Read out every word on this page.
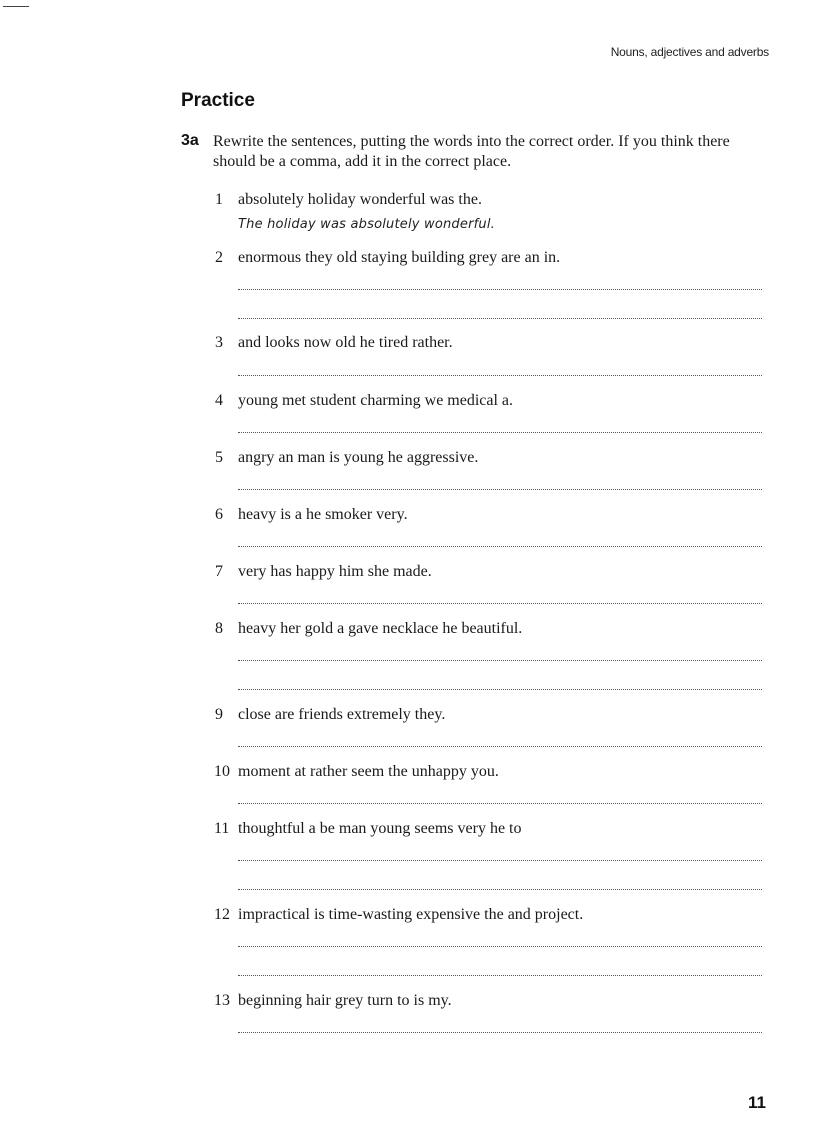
Nouns, adjectives and adverbs
Practice
3a Rewrite the sentences, putting the words into the correct order. If you think there should be a comma, add it in the correct place.

1 absolutely holiday wonderful was the.
The holiday was absolutely wonderful.
2 enormous they old staying building grey are an in.
3 and looks now old he tired rather.
4 young met student charming we medical a.
5 angry an man is young he aggressive.
6 heavy is a he smoker very.
7 very has happy him she made.
8 heavy her gold a gave necklace he beautiful.
9 close are friends extremely they.
10 moment at rather seem the unhappy you.
11 thoughtful a be man young seems very he to
12 impractical is time-wasting expensive the and project.
13 beginning hair grey turn to is my.
11
